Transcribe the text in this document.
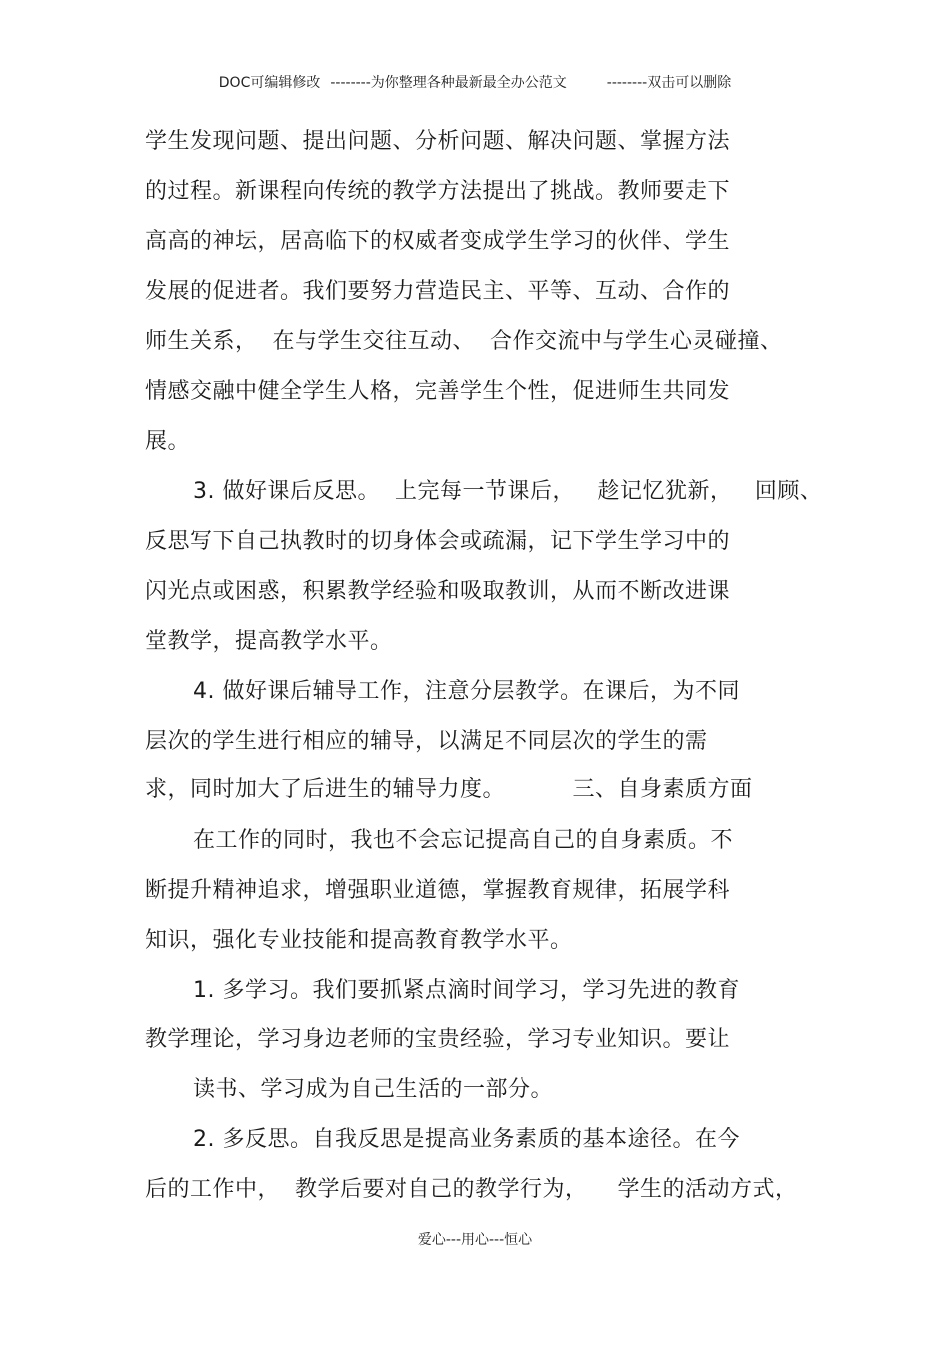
DOC可编辑修改 --------为你整理各种最新最全办公范文	--------双击可以删除
学生发现问题、提出问题、分析问题、解决问题、掌握方法
的过程。新课程向传统的教学方法提出了挑战。教师要走下
高高的神坛，居高临下的权威者变成学生学习的伙伴、学生
发展的促进者。我们要努力营造民主、平等、互动、合作的
师生关系，  在与学生交往互动、  合作交流中与学生心灵碰撞、
情感交融中健全学生人格，完善学生个性，促进师生共同发
展。
3. 做好课后反思。  上完每一节课后，   趁记忆犹新，   回顾、
反思写下自己执教时的切身体会或疏漏，记下学生学习中的
闪光点或困惑，积累教学经验和吸取教训，从而不断改进课
堂教学，提高教学水平。
4. 做好课后辅导工作，注意分层教学。在课后，为不同
层次的学生进行相应的辅导，以满足不同层次的学生的需
求，同时加大了后进生的辅导力度。         三、自身素质方面
在工作的同时，我也不会忘记提高自己的自身素质。不
断提升精神追求，增强职业道德，掌握教育规律，拓展学科
知识，强化专业技能和提高教育教学水平。
1. 多学习。我们要抓紧点滴时间学习，学习先进的教育
教学理论，学习身边老师的宝贵经验，学习专业知识。要让
读书、学习成为自己生活的一部分。
2. 多反思。自我反思是提高业务素质的基本途径。在今
后的工作中，  教学后要对自己的教学行为，    学生的活动方式，
爱心---用心---恒心
